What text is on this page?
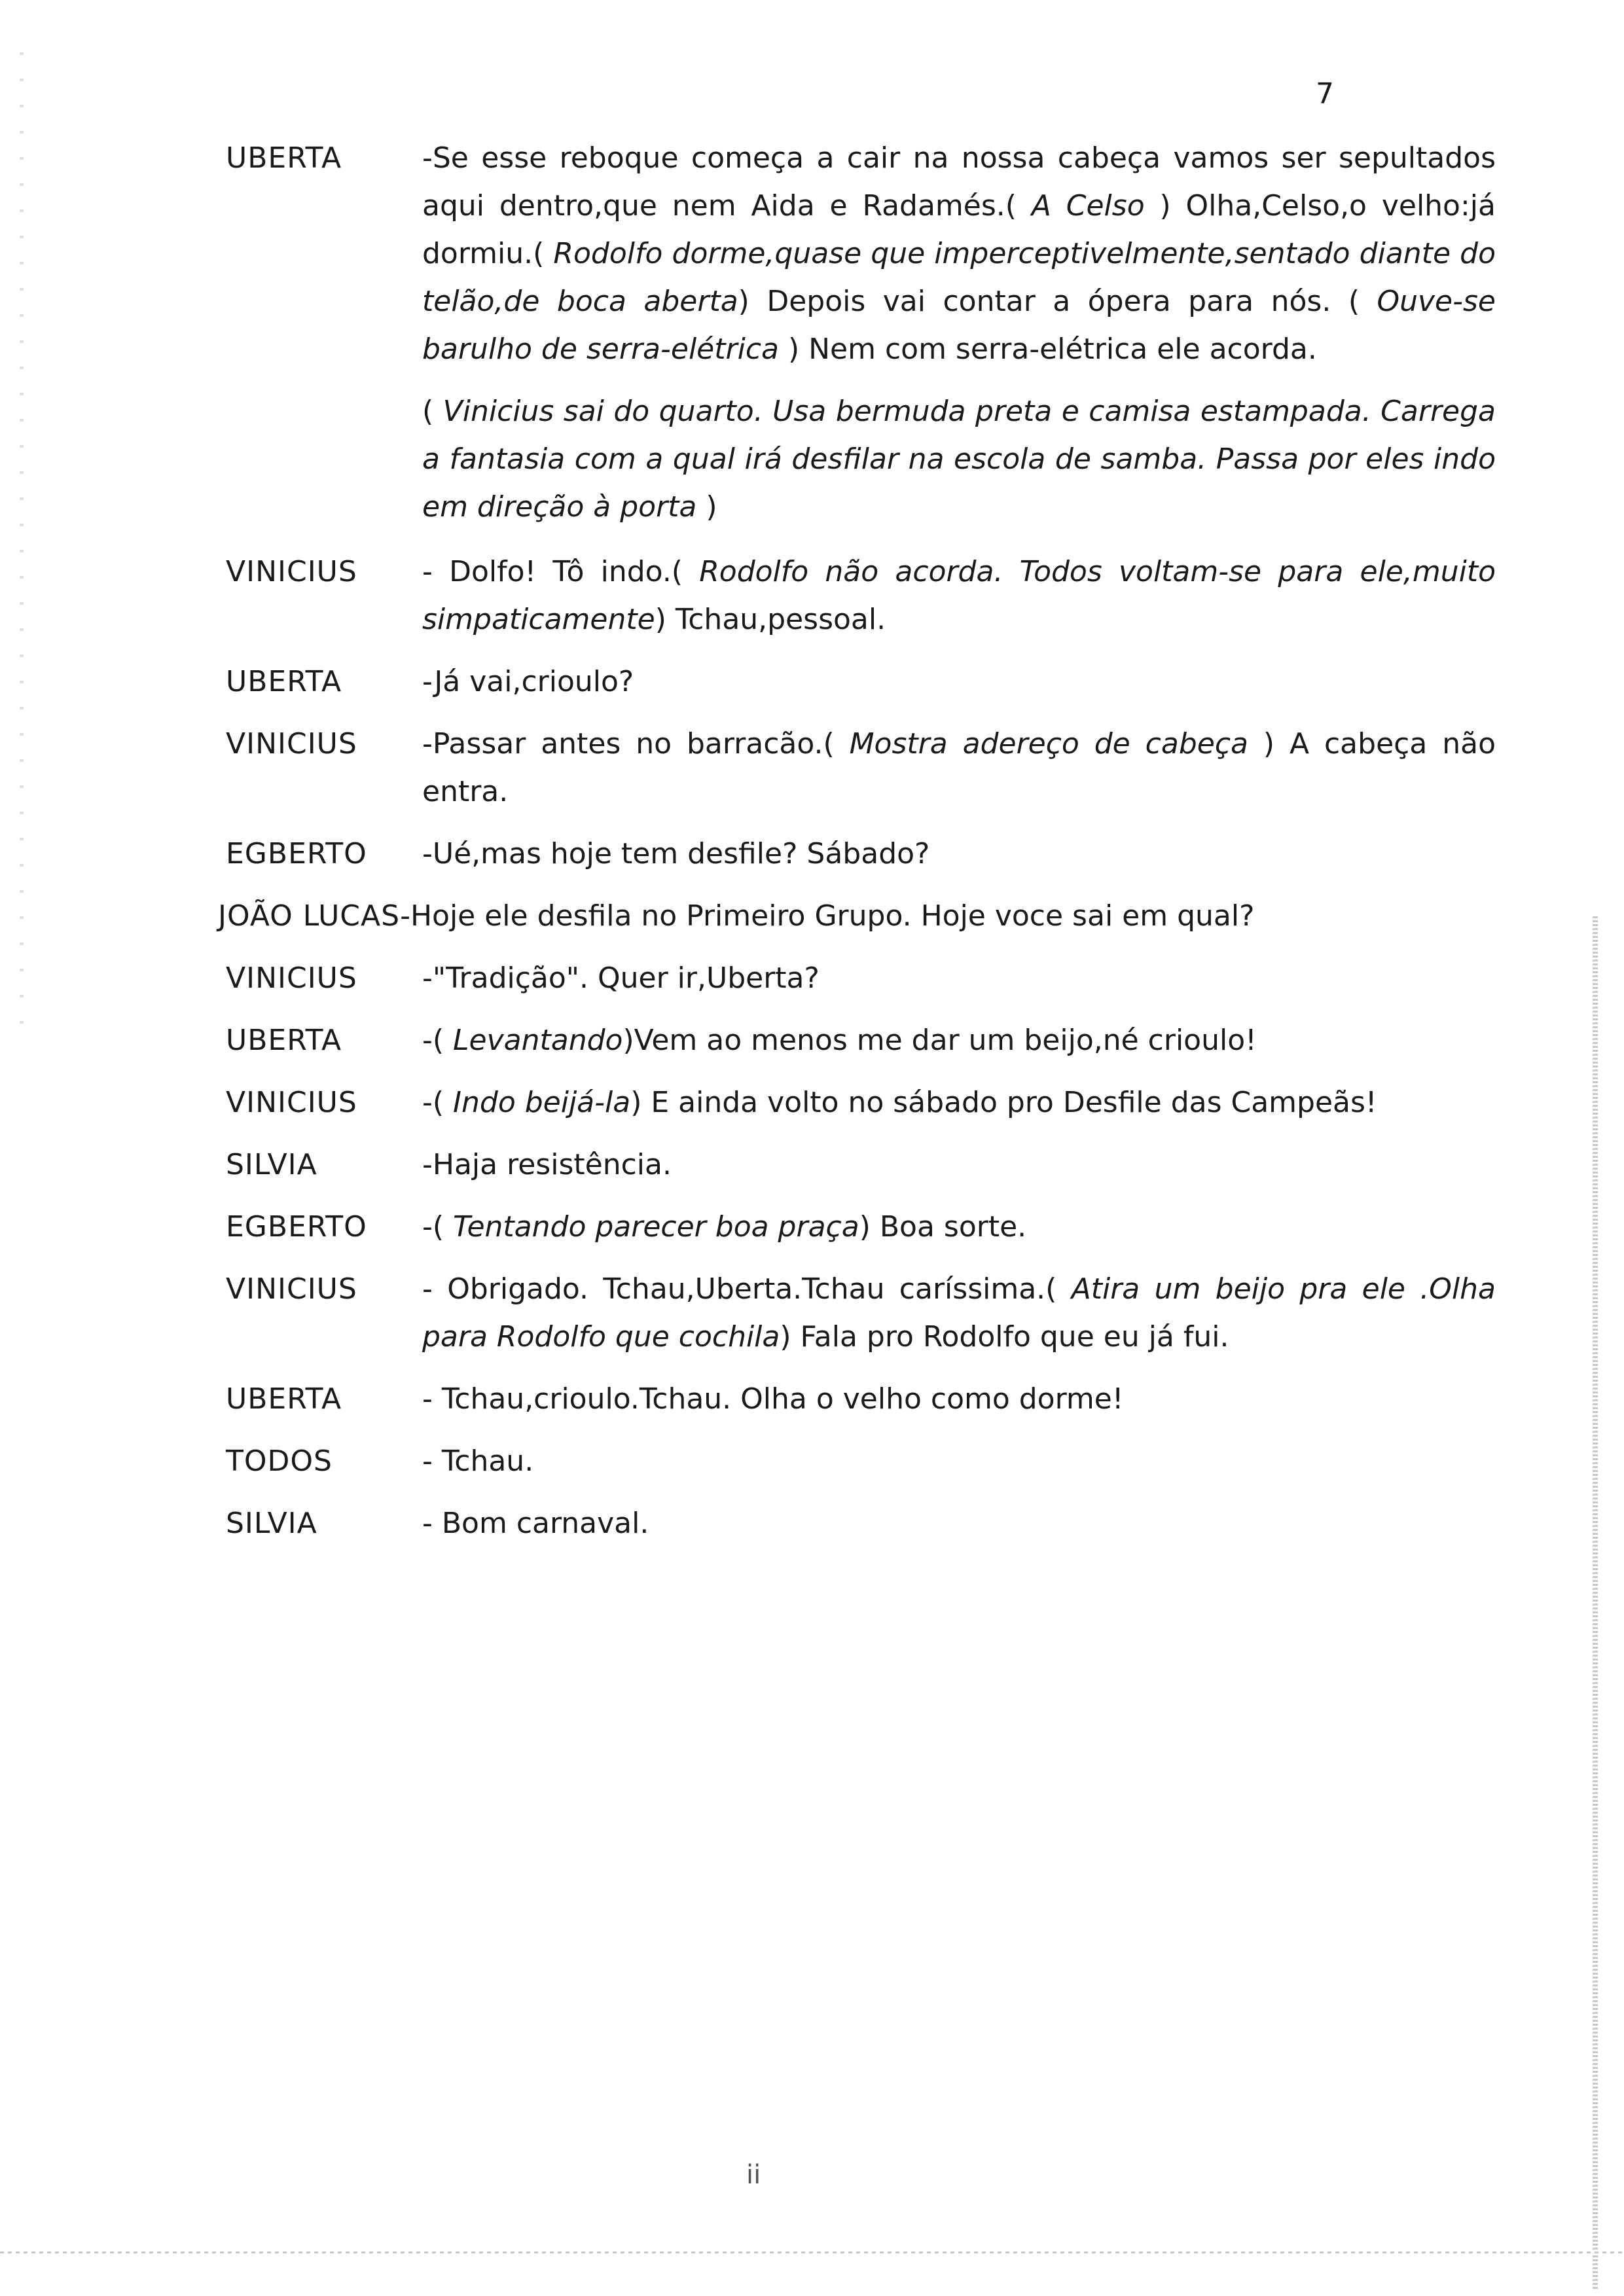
7
UBERTA	-Se esse reboque começa a cair na nossa cabeça vamos ser sepultados aqui dentro,que nem Aida e Radamés.( A Celso ) Olha,Celso,o velho:já dormiu.( Rodolfo dorme,quase que imperceptivelmente,sentado diante do telão,de boca aberta) Depois vai contar a ópera para nós. ( Ouve-se barulho de serra-elétrica ) Nem com serra-elétrica ele acorda.
( Vinicius sai do quarto. Usa bermuda preta e camisa estampada. Carrega a fantasia com a qual irá desfilar na escola de samba. Passa por eles indo em direção à porta )
VINICIUS	- Dolfo! Tô indo.( Rodolfo não acorda. Todos voltam-se para ele,muito simpaticamente) Tchau,pessoal.
UBERTA	-Já vai,crioulo?
VINICIUS	-Passar antes no barracão.( Mostra adereço de cabeça ) A cabeça não entra.
EGBERTO	-Ué,mas hoje tem desfile? Sábado?
JOÃO LUCAS-Hoje ele desfila no Primeiro Grupo. Hoje voce sai em qual?
VINICIUS	-"Tradição". Quer ir,Uberta?
UBERTA	-( Levantando)Vem ao menos me dar um beijo,né crioulo!
VINICIUS	-( Indo beijá-la) E ainda volto no sábado pro Desfile das Campeãs!
SILVIA	-Haja resistência.
EGBERTO	-( Tentando parecer boa praça) Boa sorte.
VINICIUS	- Obrigado. Tchau,Uberta.Tchau caríssima.( Atira um beijo pra ele .Olha para Rodolfo que cochila) Fala pro Rodolfo que eu já fui.
UBERTA	- Tchau,crioulo.Tchau. Olha o velho como dorme!
TODOS	- Tchau.
SILVIA	- Bom carnaval.
ii
